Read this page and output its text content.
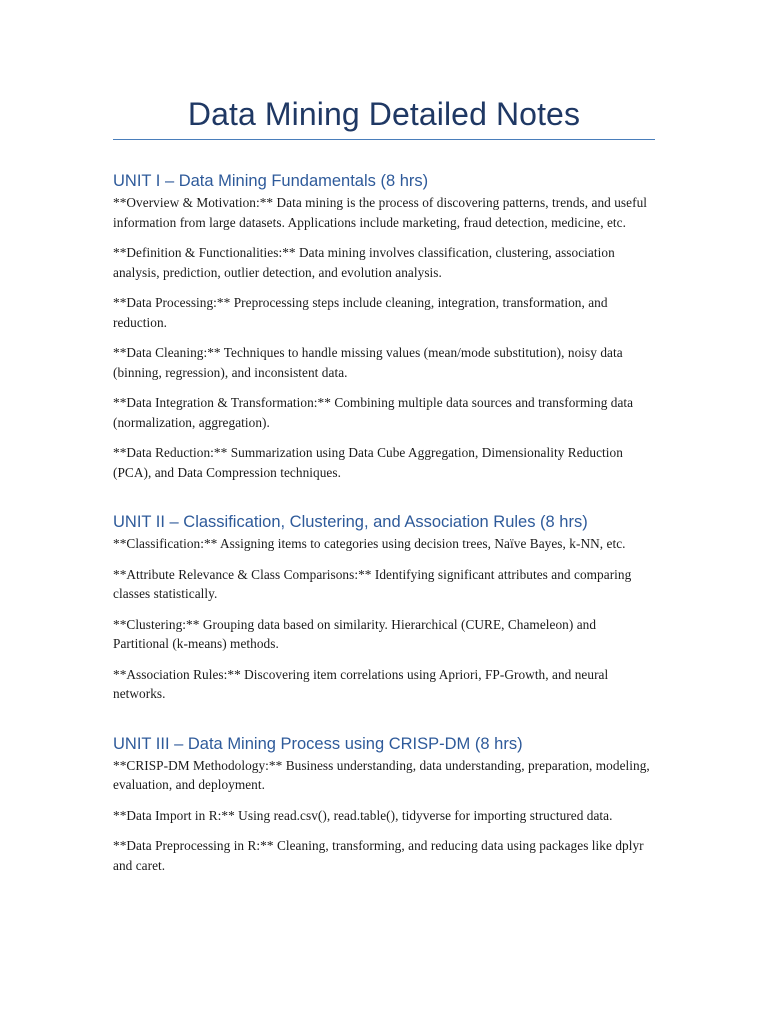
Data Mining Detailed Notes
UNIT I – Data Mining Fundamentals (8 hrs)

**Overview & Motivation:** Data mining is the process of discovering patterns, trends, and useful information from large datasets. Applications include marketing, fraud detection, medicine, etc.

**Definition & Functionalities:** Data mining involves classification, clustering, association analysis, prediction, outlier detection, and evolution analysis.

**Data Processing:** Preprocessing steps include cleaning, integration, transformation, and reduction.

**Data Cleaning:** Techniques to handle missing values (mean/mode substitution), noisy data (binning, regression), and inconsistent data.

**Data Integration & Transformation:** Combining multiple data sources and transforming data (normalization, aggregation).

**Data Reduction:** Summarization using Data Cube Aggregation, Dimensionality Reduction (PCA), and Data Compression techniques.

UNIT II – Classification, Clustering, and Association Rules (8 hrs)

**Classification:** Assigning items to categories using decision trees, Naïve Bayes, k-NN, etc.

**Attribute Relevance & Class Comparisons:** Identifying significant attributes and comparing classes statistically.

**Clustering:** Grouping data based on similarity. Hierarchical (CURE, Chameleon) and Partitional (k-means) methods.

**Association Rules:** Discovering item correlations using Apriori, FP-Growth, and neural networks.

UNIT III – Data Mining Process using CRISP-DM (8 hrs)

**CRISP-DM Methodology:** Business understanding, data understanding, preparation, modeling, evaluation, and deployment.

**Data Import in R:** Using read.csv(), read.table(), tidyverse for importing structured data.

**Data Preprocessing in R:** Cleaning, transforming, and reducing data using packages like dplyr and caret.
